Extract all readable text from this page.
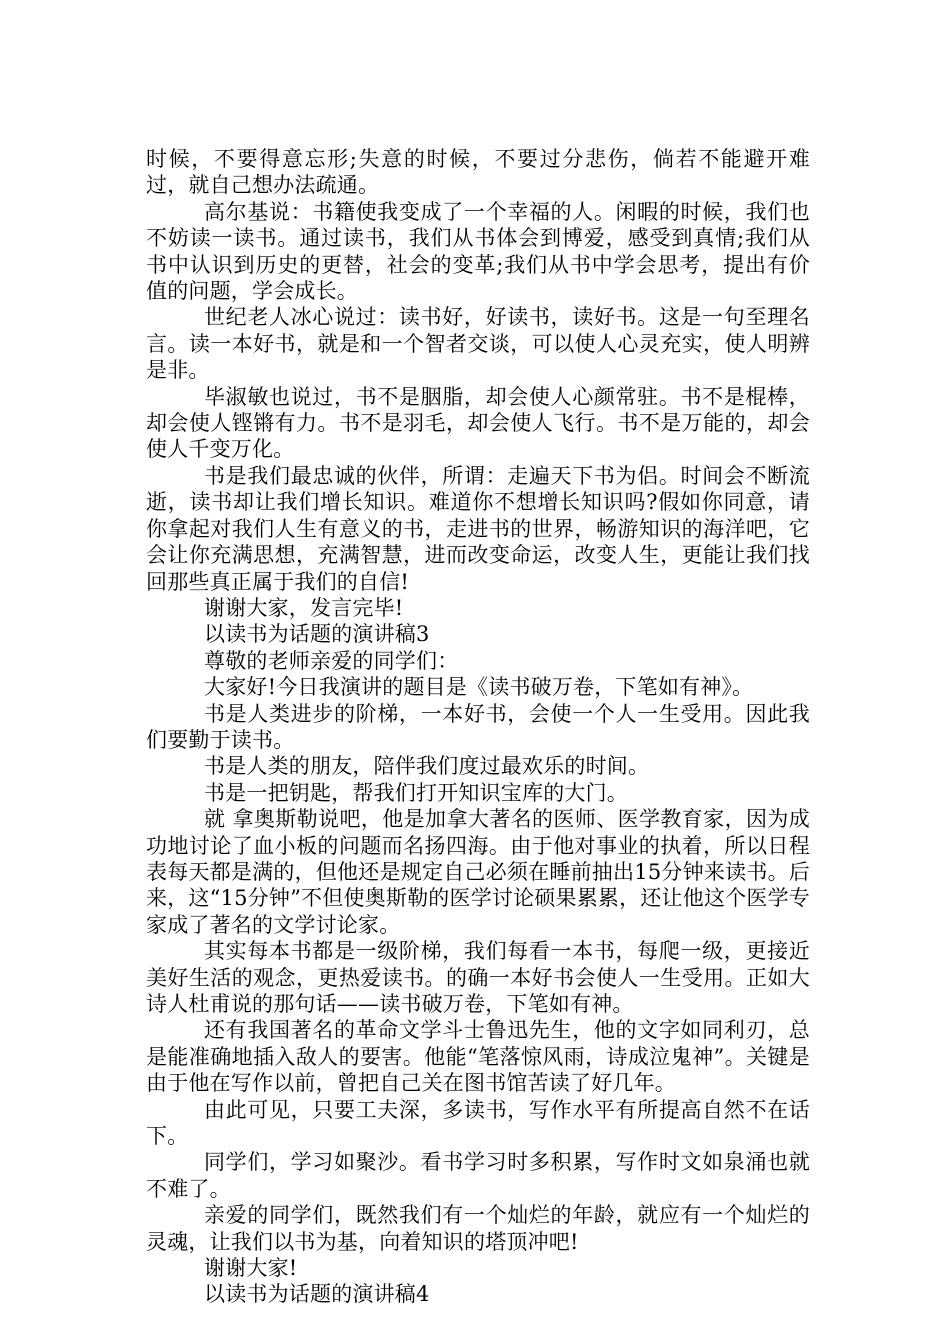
时候，不要得意忘形;失意的时候，不要过分悲伤，倘若不能避开难过，就自己想办法疏通。

高尔基说：书籍使我变成了一个幸福的人。闲暇的时候，我们也不妨读一读书。通过读书，我们从书体会到博爱，感受到真情;我们从书中认识到历史的更替，社会的变革;我们从书中学会思考，提出有价值的问题，学会成长。

世纪老人冰心说过：读书好，好读书，读好书。这是一句至理名言。读一本好书，就是和一个智者交谈，可以使人心灵充实，使人明辨是非。

毕淑敏也说过，书不是胭脂，却会使人心颜常驻。书不是棍棒，却会使人铿锵有力。书不是羽毛，却会使人飞行。书不是万能的，却会使人千变万化。

书是我们最忠诚的伙伴，所谓：走遍天下书为侣。时间会不断流逝，读书却让我们增长知识。难道你不想增长知识吗?假如你同意，请你拿起对我们人生有意义的书，走进书的世界，畅游知识的海洋吧，它会让你充满思想，充满智慧，进而改变命运，改变人生，更能让我们找回那些真正属于我们的自信!

谢谢大家，发言完毕!

以读书为话题的演讲稿3

尊敬的老师亲爱的同学们：

大家好!今日我演讲的题目是《读书破万卷，下笔如有神》。

书是人类进步的阶梯，一本好书，会使一个人一生受用。因此我们要勤于读书。

书是人类的朋友，陪伴我们度过最欢乐的时间。

书是一把钥匙，帮我们打开知识宝库的大门。

就 拿奥斯勒说吧，他是加拿大著名的医师、医学教育家，因为成功地讨论了血小板的问题而名扬四海。由于他对事业的执着，所以日程表每天都是满的，但他还是规定自己必须在睡前抽出15分钟来读书。后来，这“15分钟”不但使奥斯勒的医学讨论硕果累累，还让他这个医学专家成了著名的文学讨论家。

其实每本书都是一级阶梯，我们每看一本书，每爬一级，更接近美好生活的观念，更热爱读书。的确一本好书会使人一生受用。正如大诗人杜甫说的那句话——读书破万卷，下笔如有神。

还有我国著名的革命文学斗士鲁迅先生，他的文字如同利刃，总是能准确地插入敌人的要害。他能“笔落惊风雨，诗成泣鬼神”。关键是由于他在写作以前，曾把自己关在图书馆苦读了好几年。

由此可见，只要工夫深，多读书，写作水平有所提高自然不在话下。

同学们，学习如聚沙。看书学习时多积累，写作时文如泉涌也就不难了。

亲爱的同学们，既然我们有一个灿烂的年龄，就应有一个灿烂的灵魂，让我们以书为基，向着知识的塔顶冲吧!

谢谢大家!

以读书为话题的演讲稿4
